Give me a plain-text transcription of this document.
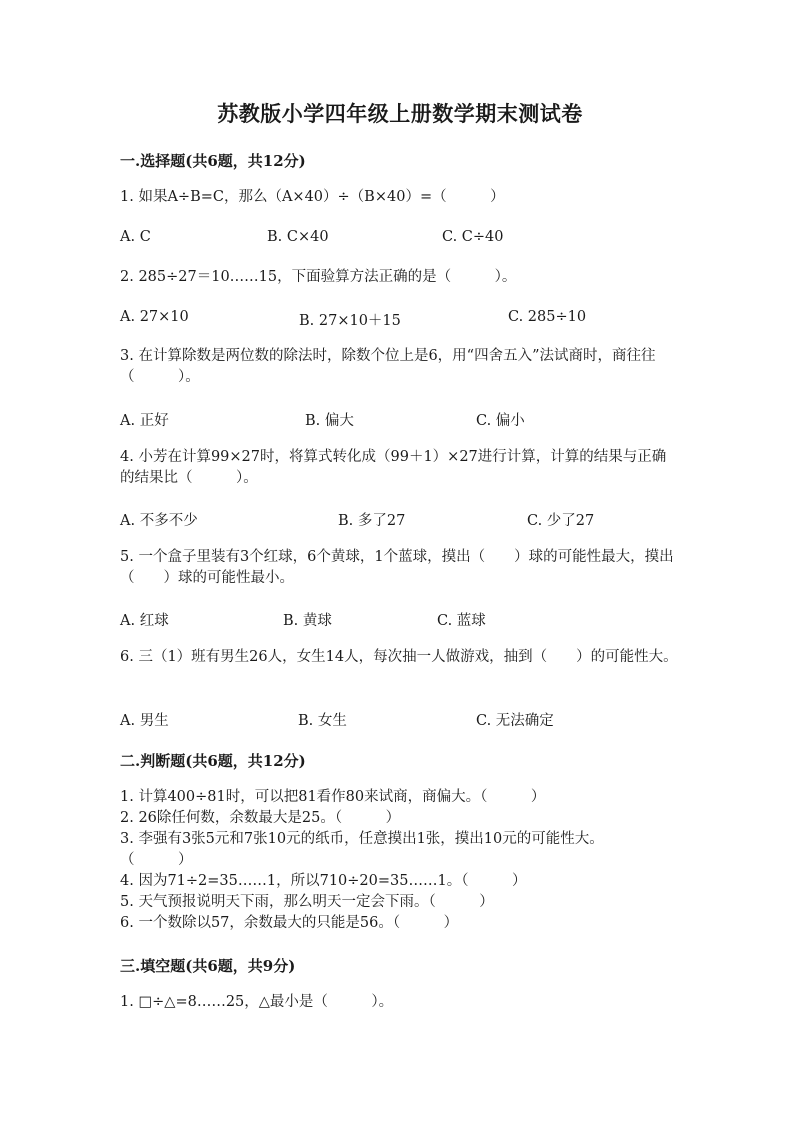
苏教版小学四年级上册数学期末测试卷
一.选择题(共6题，共12分)
1. 如果A÷B=C，那么（A×40）÷（B×40）=（　　　）
A. C	B. C×40	C. C÷40
2. 285÷27＝10……15，下面验算方法正确的是（　　　）。
A. 27×10	B. 27×10＋15	C. 285÷10
3. 在计算除数是两位数的除法时，除数个位上是6，用“四舍五入”法试商时，商往往（　　　）。
A. 正好	B. 偏大	C. 偏小
4. 小芳在计算99×27时，将算式转化成（99＋1）×27进行计算，计算的结果与正确的结果比（　　　）。
A. 不多不少	B. 多了27	C. 少了27
5. 一个盒子里装有3个红球，6个黄球，1个蓝球，摸出（　　）球的可能性最大，摸出（　　）球的可能性最小。
A. 红球	B. 黄球	C. 蓝球
6. 三（1）班有男生26人，女生14人，每次抽一人做游戏，抽到（　　）的可能性大。
A. 男生	B. 女生	C. 无法确定
二.判断题(共6题，共12分)
1. 计算400÷81时，可以把81看作80来试商，商偏大。（　　　）
2. 26除任何数，余数最大是25。（　　　）
3. 李强有3张5元和7张10元的纸币，任意摸出1张，摸出10元的可能性大。　　（　　　）
4. 因为71÷2=35……1，所以710÷20=35……1。（　　　）
5. 天气预报说明天下雨，那么明天一定会下雨。（　　　）
6. 一个数除以57，余数最大的只能是56。（　　　）
三.填空题(共6题，共9分)
1. □÷△=8……25，△最小是（　　　）。
